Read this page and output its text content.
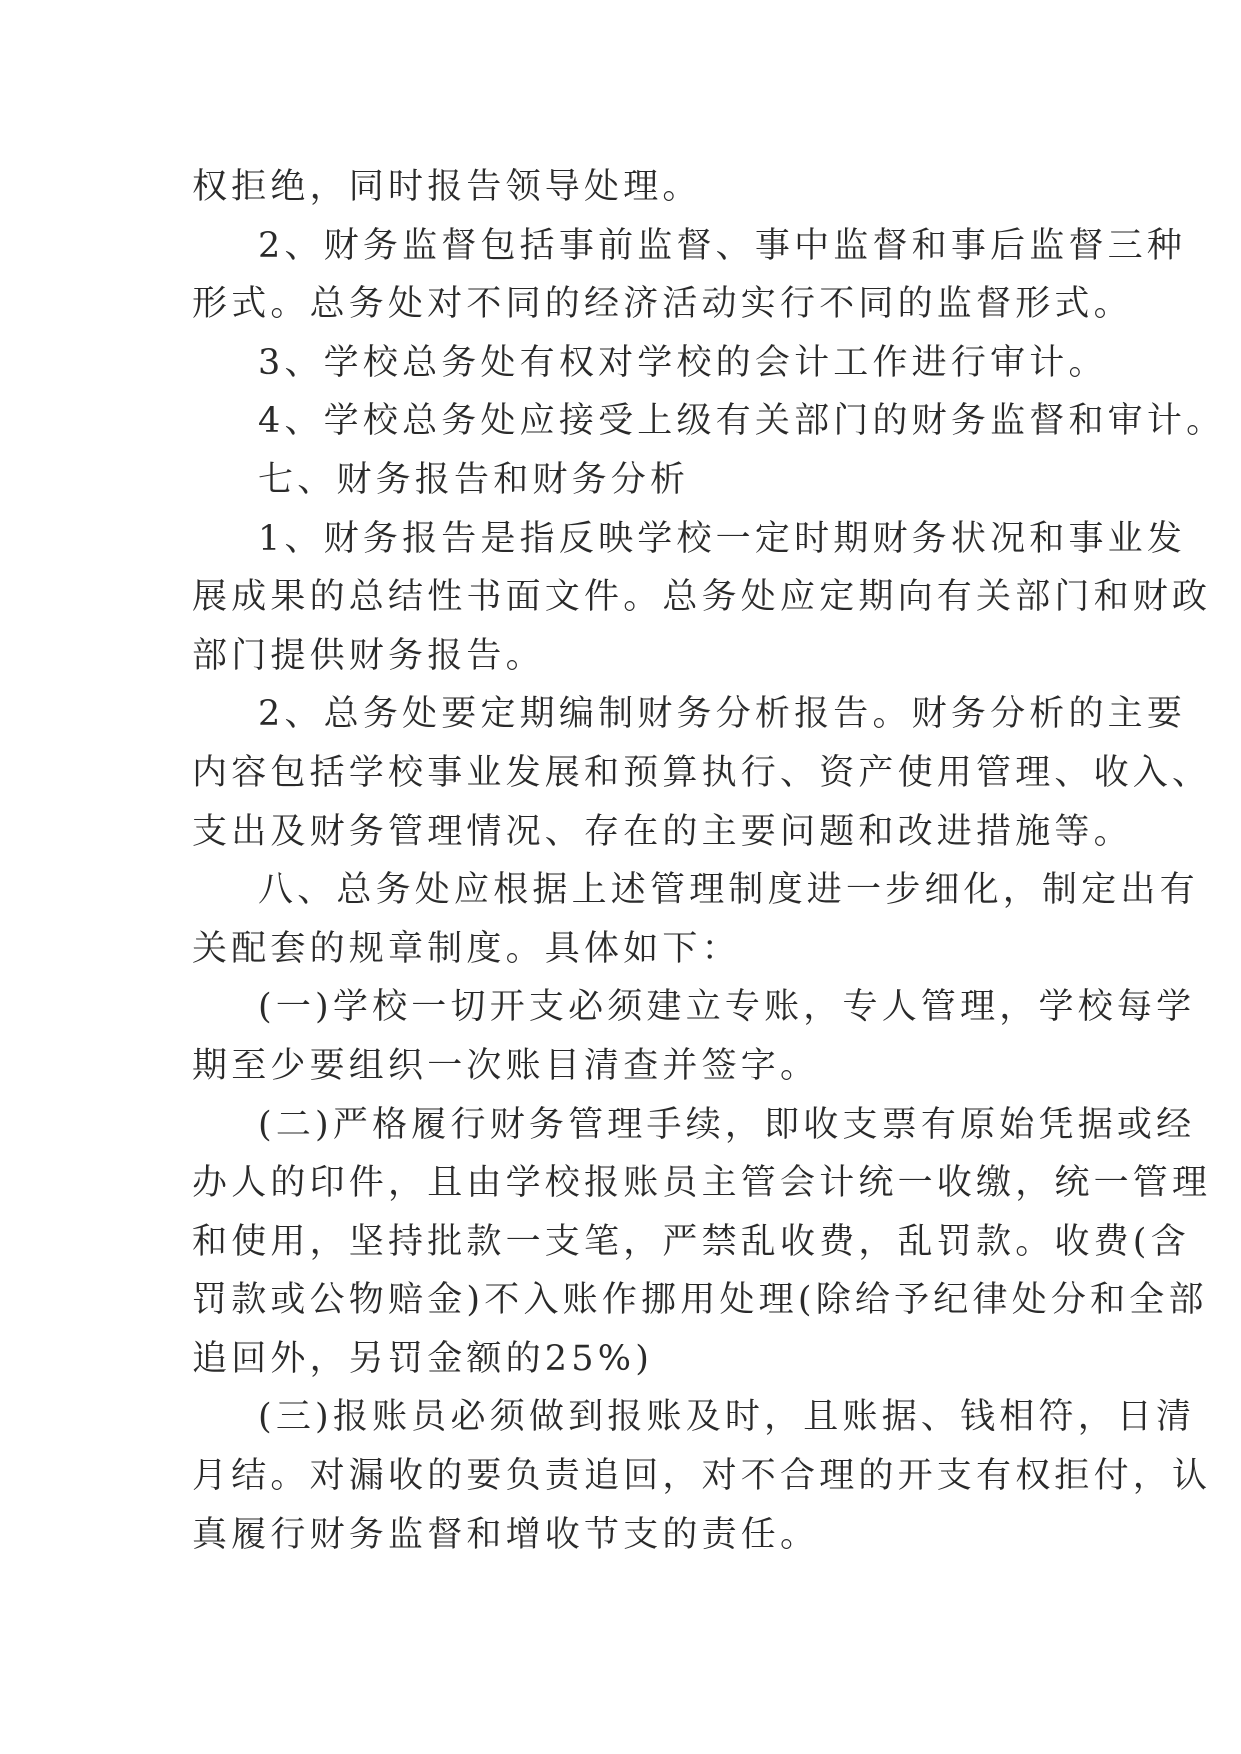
权拒绝，同时报告领导处理。
2、财务监督包括事前监督、事中监督和事后监督三种
形式。总务处对不同的经济活动实行不同的监督形式。
3、学校总务处有权对学校的会计工作进行审计。
4、学校总务处应接受上级有关部门的财务监督和审计。
七、财务报告和财务分析
1、财务报告是指反映学校一定时期财务状况和事业发
展成果的总结性书面文件。总务处应定期向有关部门和财政
部门提供财务报告。
2、总务处要定期编制财务分析报告。财务分析的主要
内容包括学校事业发展和预算执行、资产使用管理、收入、
支出及财务管理情况、存在的主要问题和改进措施等。
八、总务处应根据上述管理制度进一步细化，制定出有
关配套的规章制度。具体如下：
(一)学校一切开支必须建立专账，专人管理，学校每学
期至少要组织一次账目清查并签字。
(二)严格履行财务管理手续，即收支票有原始凭据或经
办人的印件，且由学校报账员主管会计统一收缴，统一管理
和使用，坚持批款一支笔，严禁乱收费，乱罚款。收费(含
罚款或公物赔金)不入账作挪用处理(除给予纪律处分和全部
追回外，另罚金额的25%)
(三)报账员必须做到报账及时，且账据、钱相符，日清
月结。对漏收的要负责追回，对不合理的开支有权拒付，认
真履行财务监督和增收节支的责任。
